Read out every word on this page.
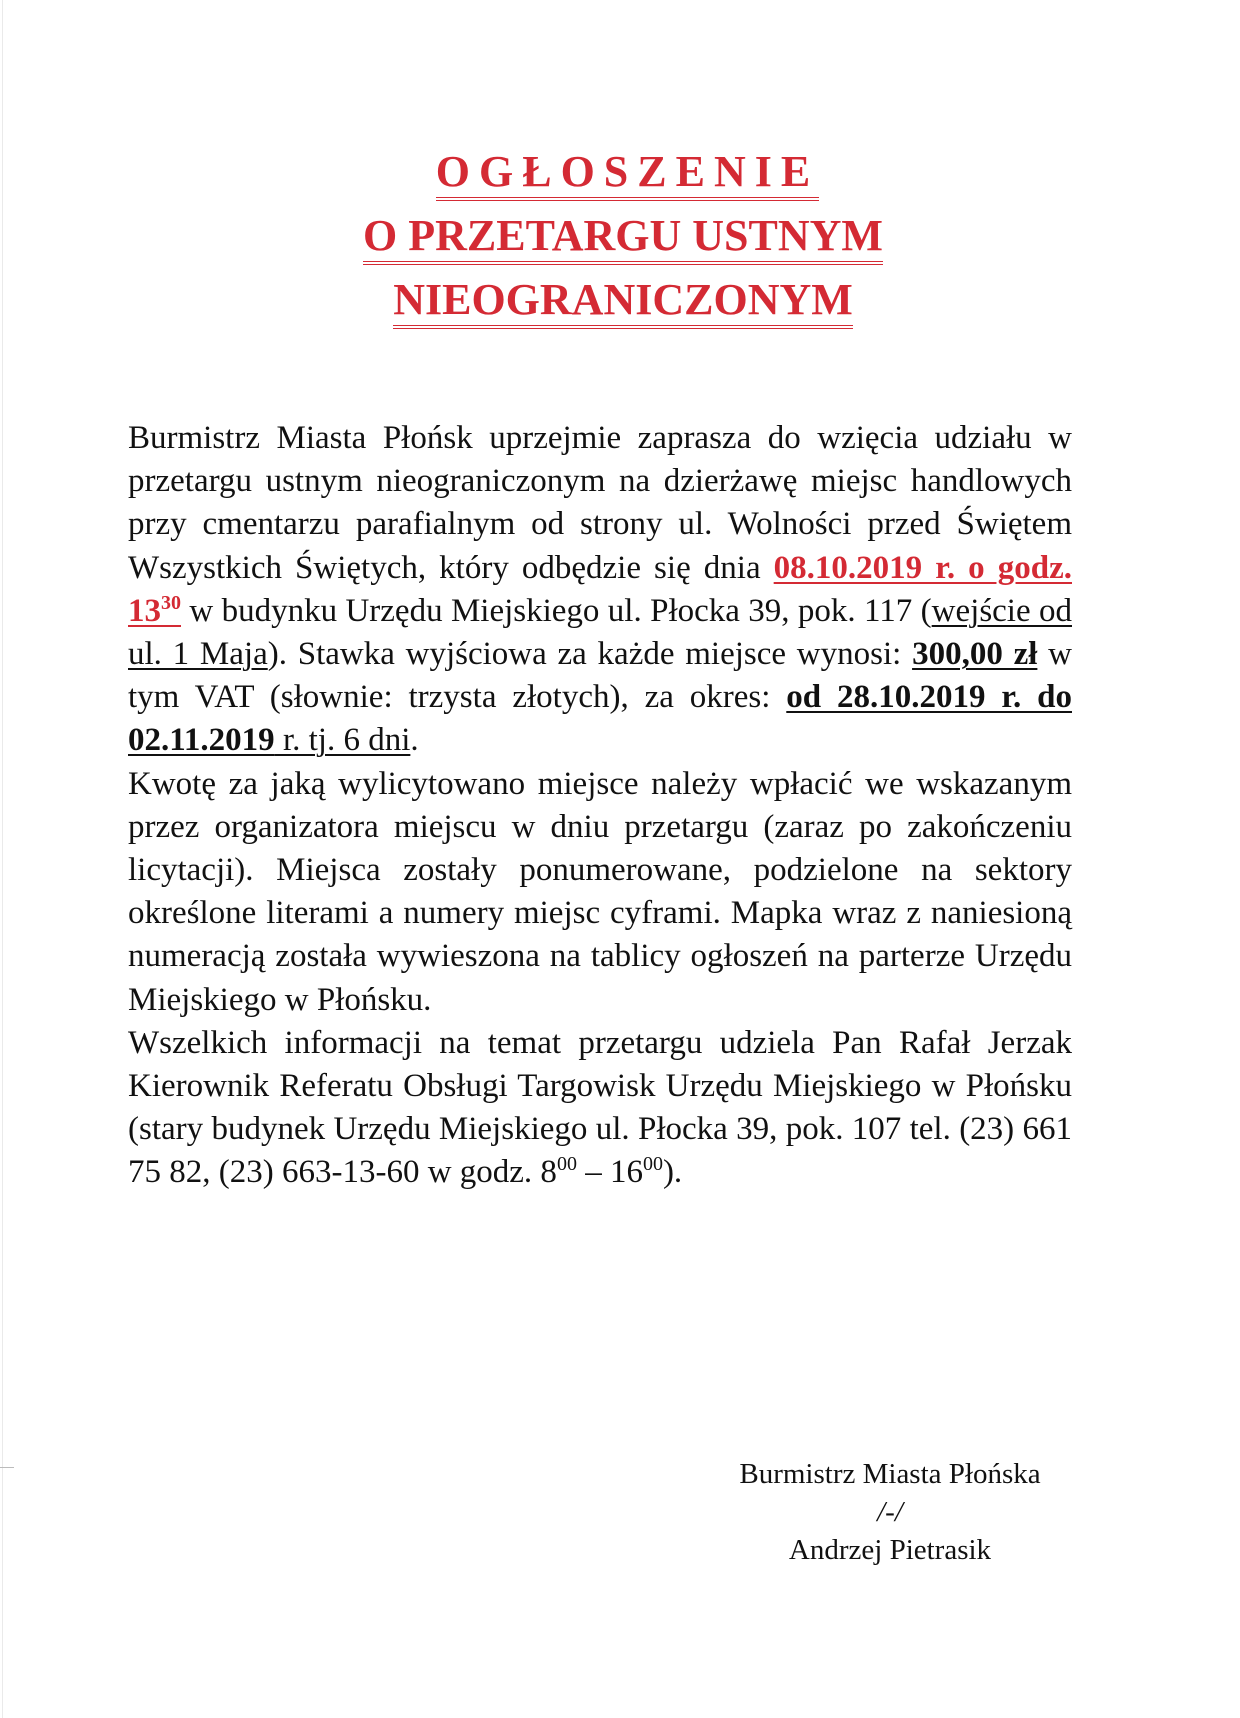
OGŁOSZENIE
O PRZETARGU USTNYM
NIEOGRANICZONYM

Burmistrz Miasta Płońsk uprzejmie zaprasza do wzięcia udziału w przetargu ustnym nieograniczonym na dzierżawę miejsc handlowych przy cmentarzu parafialnym od strony ul. Wolności przed Świętem Wszystkich Świętych, który odbędzie się dnia 08.10.2019 r. o godz. $13^{30}$ w budynku Urzędu Miejskiego ul. Płocka 39, pok. 117 (wejście od ul. 1 Maja). Stawka wyjściowa za każde miejsce wynosi: 300,00 zł w tym VAT (słownie: trzysta złotych), za okres: od 28.10.2019 r. do 02.11.2019 r. tj. 6 dni.

Kwotę za jaką wylicytowano miejsce należy wpłacić we wskazanym przez organizatora miejscu w dniu przetargu (zaraz po zakończeniu licytacji). Miejsca zostały ponumerowane, podzielone na sektory określone literami a numery miejsc cyframi. Mapka wraz z naniesioną numeracją została wywieszona na tablicy ogłoszeń na parterze Urzędu Miejskiego w Płońsku.

Wszelkich informacji na temat przetargu udziela Pan Rafał Jerzak Kierownik Referatu Obsługi Targowisk Urzędu Miejskiego w Płońsku (stary budynek Urzędu Miejskiego ul. Płocka 39, pok. 107 tel. (23) 661 75 82, (23) 663-13-60 w godz. $8^{00} - 16^{00}$).

Burmistrz Miasta Płońska
/-/
Andrzej Pietrasik
